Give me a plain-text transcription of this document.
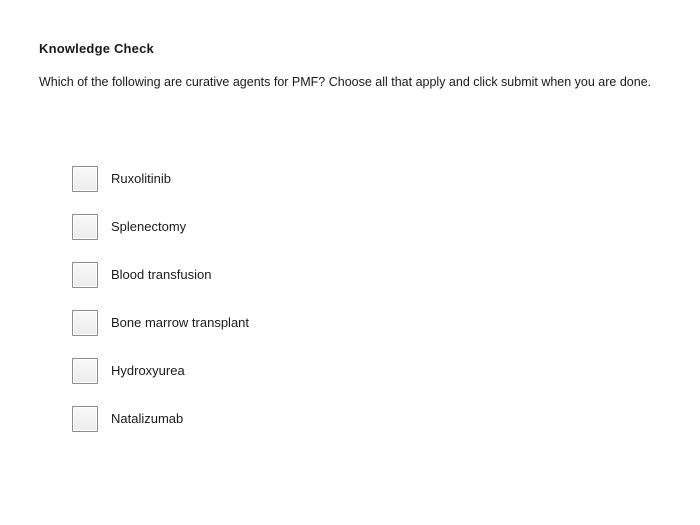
Knowledge Check
Which of the following are curative agents for PMF? Choose all that apply and click submit when you are done.
Ruxolitinib
Splenectomy
Blood transfusion
Bone marrow transplant
Hydroxyurea
Natalizumab
